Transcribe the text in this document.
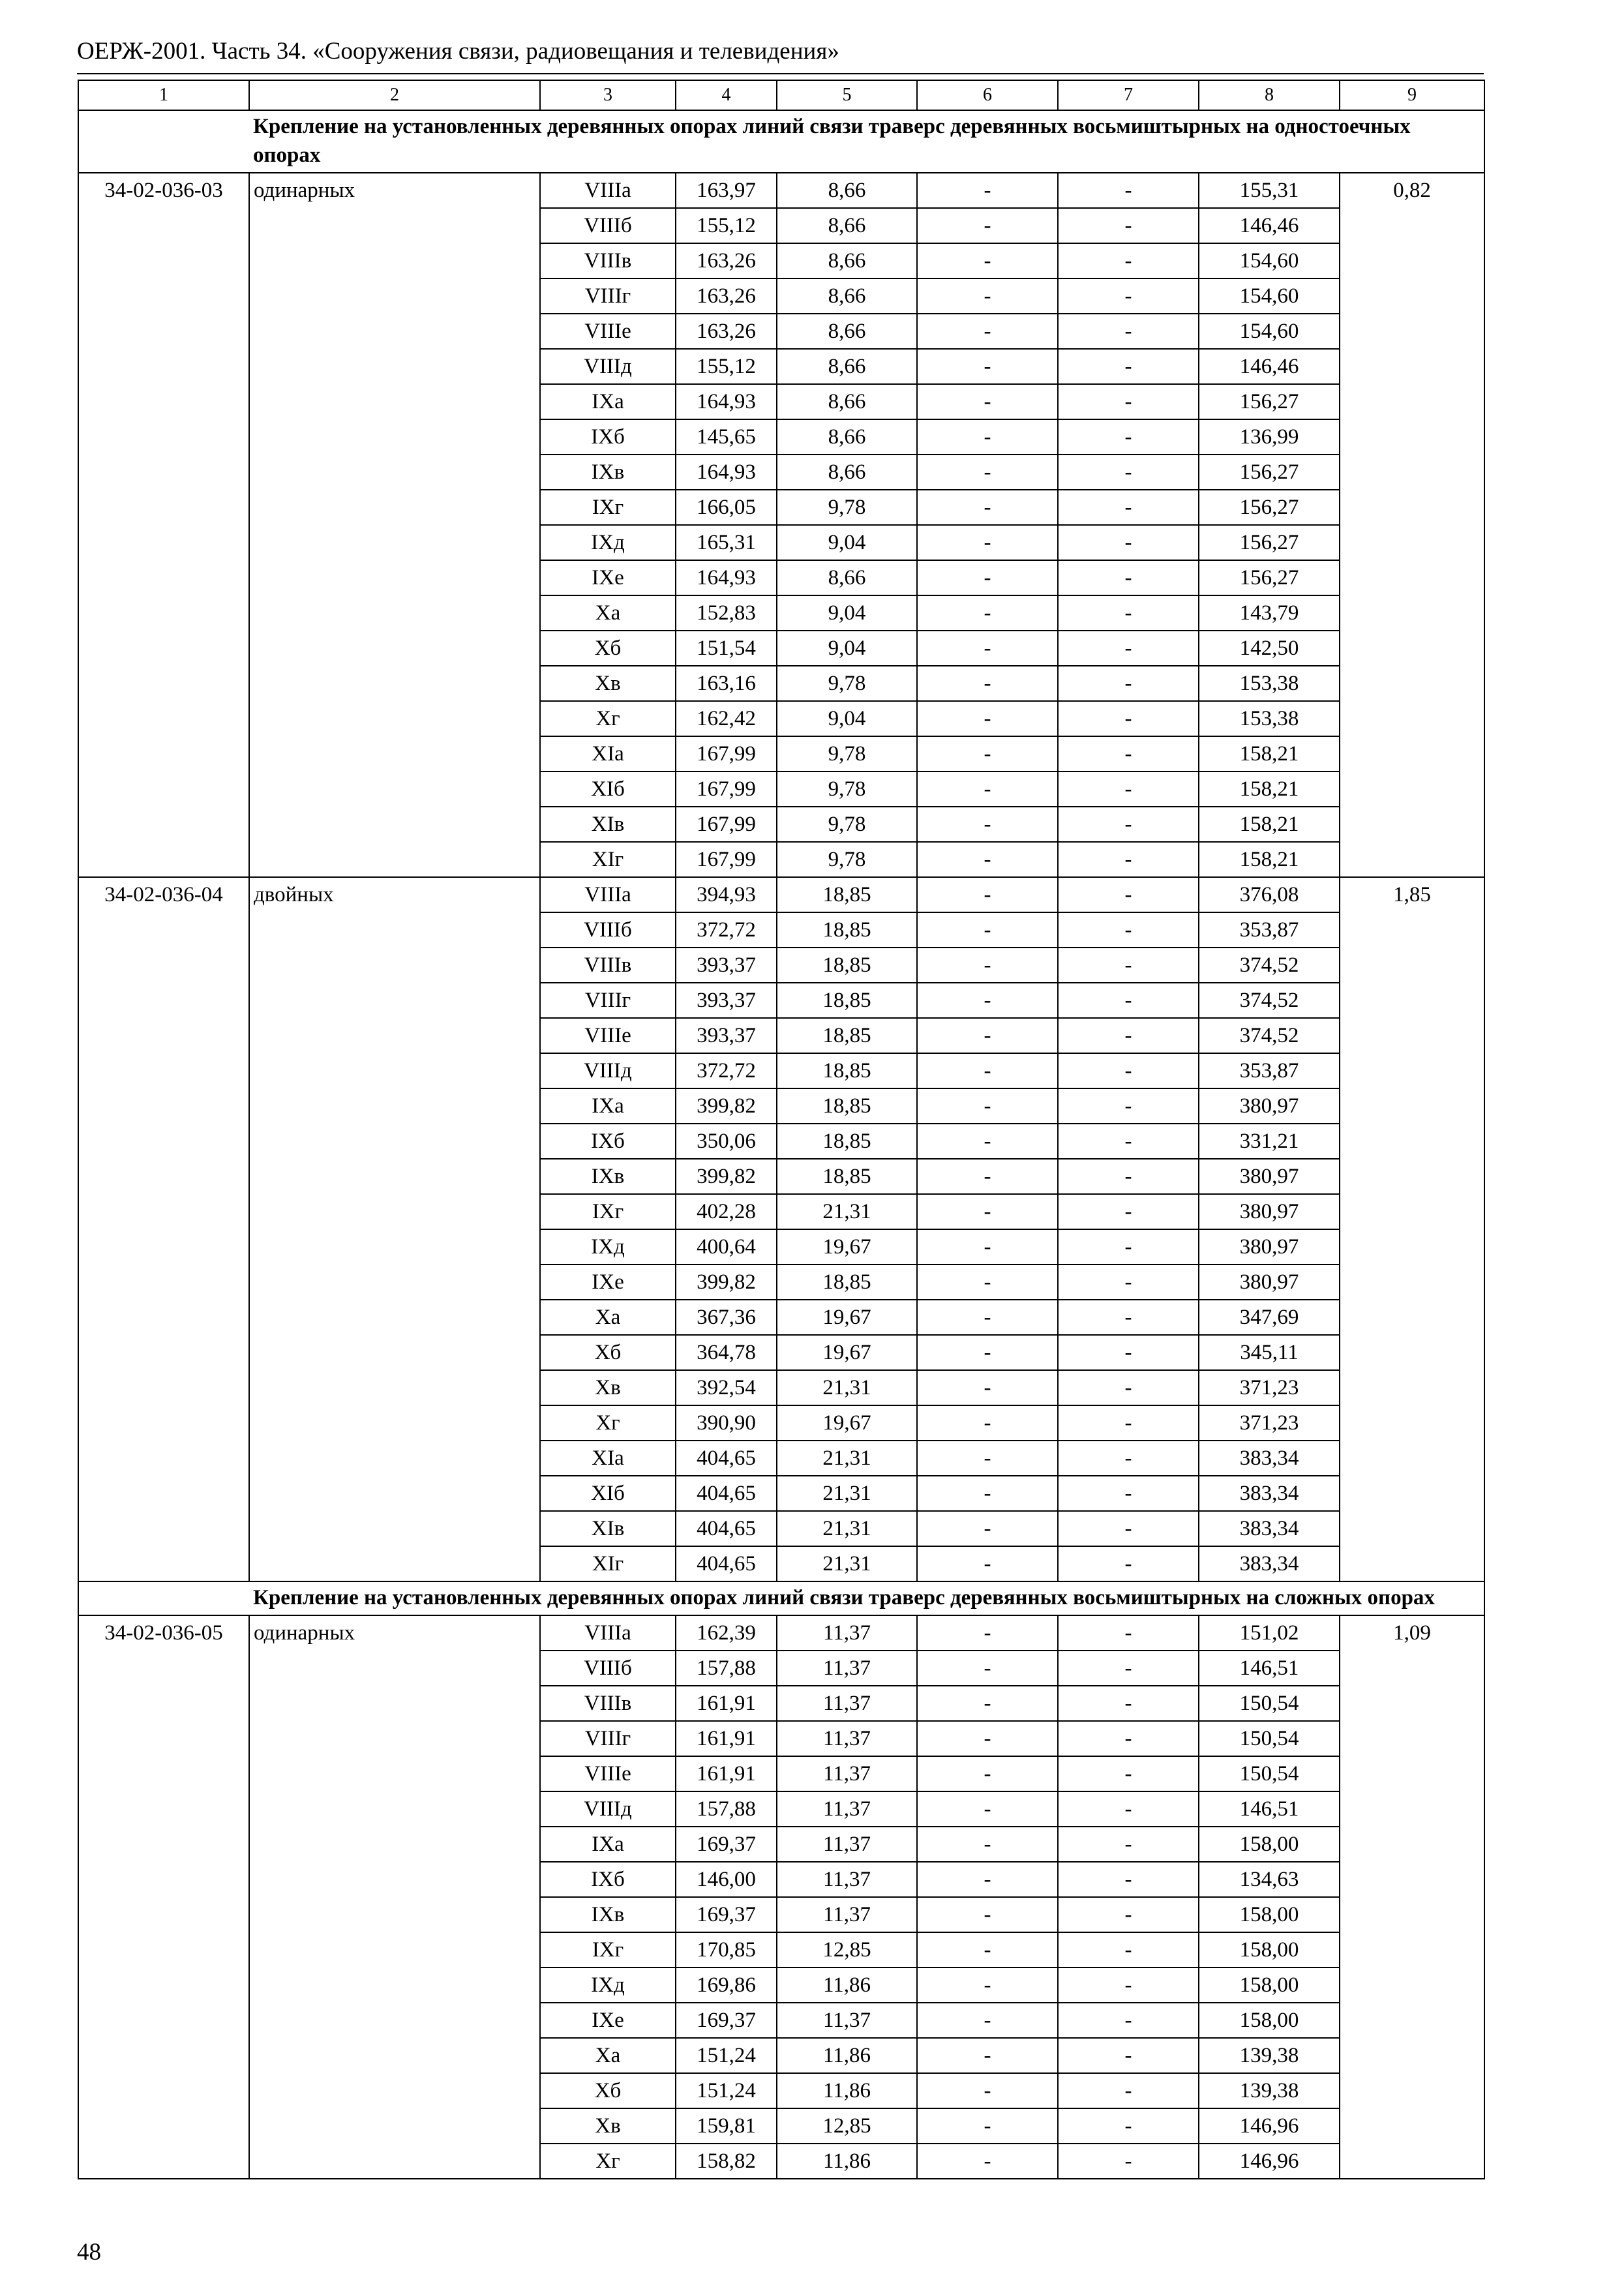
ОЕРЖ-2001. Часть 34. «Сооружения связи, радиовещания и телевидения»
1	2	3	4	5	6	7	8	9
	Крепление на установленных деревянных опорах линий связи траверс деревянных восьмиштырных на одностоечных опорах							
34-02-036-03	одинарных	VIIIа	163,97	8,66	-	-	155,31	0,82
		VIIIб	155,12	8,66	-	-	146,46	
		VIIIв	163,26	8,66	-	-	154,60	
		VIIIг	163,26	8,66	-	-	154,60	
		VIIIе	163,26	8,66	-	-	154,60	
		VIIIд	155,12	8,66	-	-	146,46	
		IXа	164,93	8,66	-	-	156,27	
		IXб	145,65	8,66	-	-	136,99	
		IXв	164,93	8,66	-	-	156,27	
		IXг	166,05	9,78	-	-	156,27	
		IXд	165,31	9,04	-	-	156,27	
		IXе	164,93	8,66	-	-	156,27	
		Xа	152,83	9,04	-	-	143,79	
		Xб	151,54	9,04	-	-	142,50	
		Xв	163,16	9,78	-	-	153,38	
		Xг	162,42	9,04	-	-	153,38	
		XIа	167,99	9,78	-	-	158,21	
		XIб	167,99	9,78	-	-	158,21	
		XIв	167,99	9,78	-	-	158,21	
		XIг	167,99	9,78	-	-	158,21	
34-02-036-04	двойных	VIIIа	394,93	18,85	-	-	376,08	1,85
		VIIIб	372,72	18,85	-	-	353,87	
		VIIIв	393,37	18,85	-	-	374,52	
		VIIIг	393,37	18,85	-	-	374,52	
		VIIIе	393,37	18,85	-	-	374,52	
		VIIIд	372,72	18,85	-	-	353,87	
		IXа	399,82	18,85	-	-	380,97	
		IXб	350,06	18,85	-	-	331,21	
		IXв	399,82	18,85	-	-	380,97	
		IXг	402,28	21,31	-	-	380,97	
		IXд	400,64	19,67	-	-	380,97	
		IXе	399,82	18,85	-	-	380,97	
		Xа	367,36	19,67	-	-	347,69	
		Xб	364,78	19,67	-	-	345,11	
		Xв	392,54	21,31	-	-	371,23	
		Xг	390,90	19,67	-	-	371,23	
		XIа	404,65	21,31	-	-	383,34	
		XIб	404,65	21,31	-	-	383,34	
		XIв	404,65	21,31	-	-	383,34	
		XIг	404,65	21,31	-	-	383,34	
	Крепление на установленных деревянных опорах линий связи траверс деревянных восьмиштырных на сложных опорах							
34-02-036-05	одинарных	VIIIа	162,39	11,37	-	-	151,02	1,09
		VIIIб	157,88	11,37	-	-	146,51	
		VIIIв	161,91	11,37	-	-	150,54	
		VIIIг	161,91	11,37	-	-	150,54	
		VIIIе	161,91	11,37	-	-	150,54	
		VIIIд	157,88	11,37	-	-	146,51	
		IXа	169,37	11,37	-	-	158,00	
		IXб	146,00	11,37	-	-	134,63	
		IXв	169,37	11,37	-	-	158,00	
		IXг	170,85	12,85	-	-	158,00	
		IXд	169,86	11,86	-	-	158,00	
		IXе	169,37	11,37	-	-	158,00	
		Xа	151,24	11,86	-	-	139,38	
		Xб	151,24	11,86	-	-	139,38	
		Xв	159,81	12,85	-	-	146,96	
		Xг	158,82	11,86	-	-	146,96	
48
